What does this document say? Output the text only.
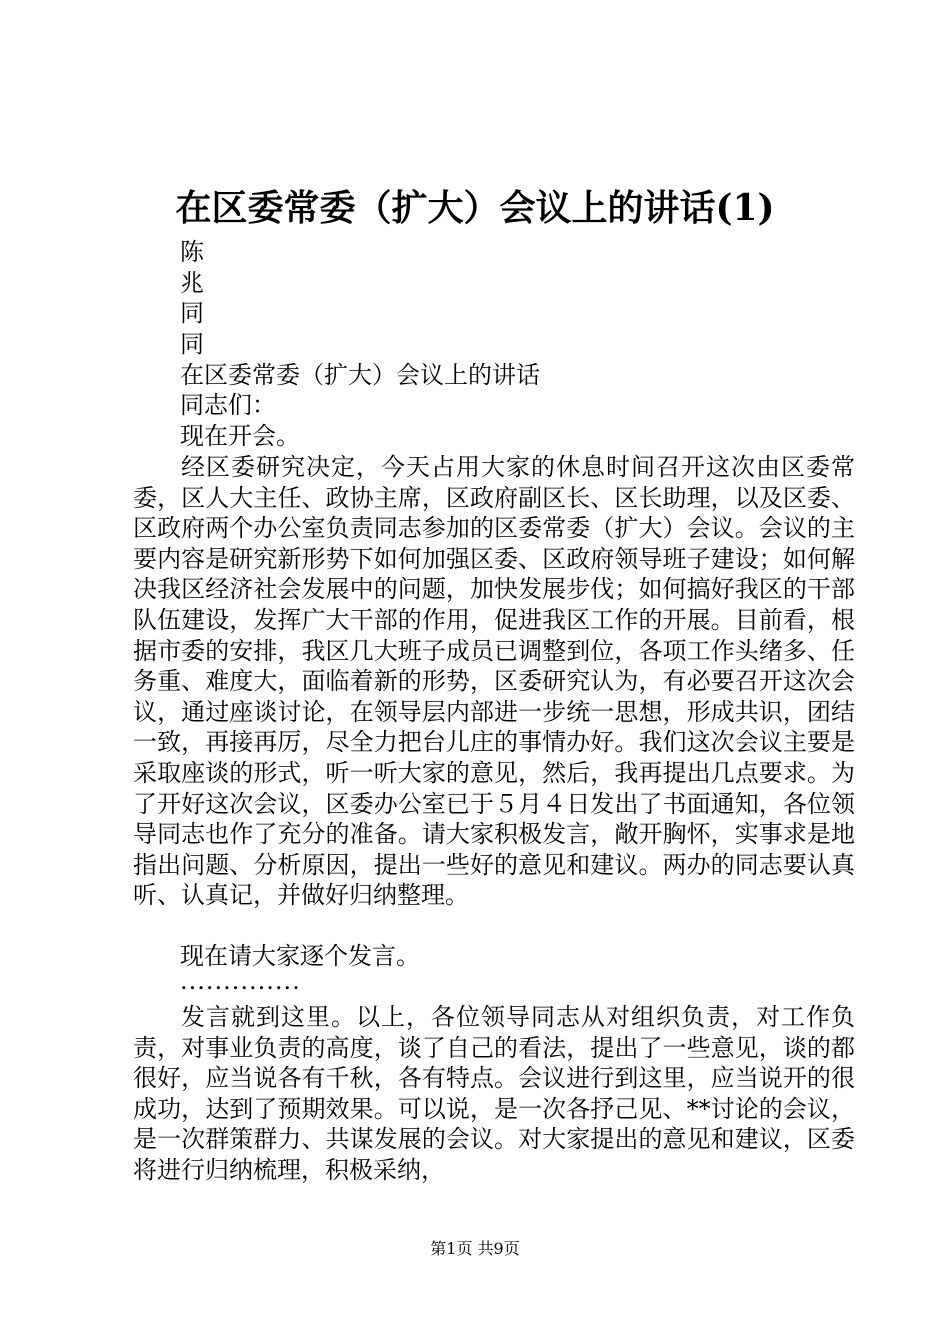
在区委常委（扩大）会议上的讲话(1)
陈
兆
同
同
在区委常委（扩大）会议上的讲话
同志们：
现在开会。

经区委研究决定，今天占用大家的休息时间召开这次由区委常委，区人大主任、政协主席，区政府副区长、区长助理，以及区委、区政府两个办公室负责同志参加的区委常委（扩大）会议。会议的主要内容是研究新形势下如何加强区委、区政府领导班子建设；如何解决我区经济社会发展中的问题，加快发展步伐；如何搞好我区的干部队伍建设，发挥广大干部的作用，促进我区工作的开展。目前看，根据市委的安排，我区几大班子成员已调整到位，各项工作头绪多、任务重、难度大，面临着新的形势，区委研究认为，有必要召开这次会议，通过座谈讨论，在领导层内部进一步统一思想，形成共识，团结一致，再接再厉，尽全力把台儿庄的事情办好。我们这次会议主要是采取座谈的形式，听一听大家的意见，然后，我再提出几点要求。为了开好这次会议，区委办公室已于５月４日发出了书面通知，各位领导同志也作了充分的准备。请大家积极发言，敞开胸怀，实事求是地指出问题、分析原因，提出一些好的意见和建议。两办的同志要认真听、认真记，并做好归纳整理。

现在请大家逐个发言。
..............

发言就到这里。以上，各位领导同志从对组织负责，对工作负责，对事业负责的高度，谈了自己的看法，提出了一些意见，谈的都很好，应当说各有千秋，各有特点。会议进行到这里，应当说开的很成功，达到了预期效果。可以说，是一次各抒己见、**讨论的会议，是一次群策群力、共谋发展的会议。对大家提出的意见和建议，区委将进行归纳梳理，积极采纳，

第1页 共9页
